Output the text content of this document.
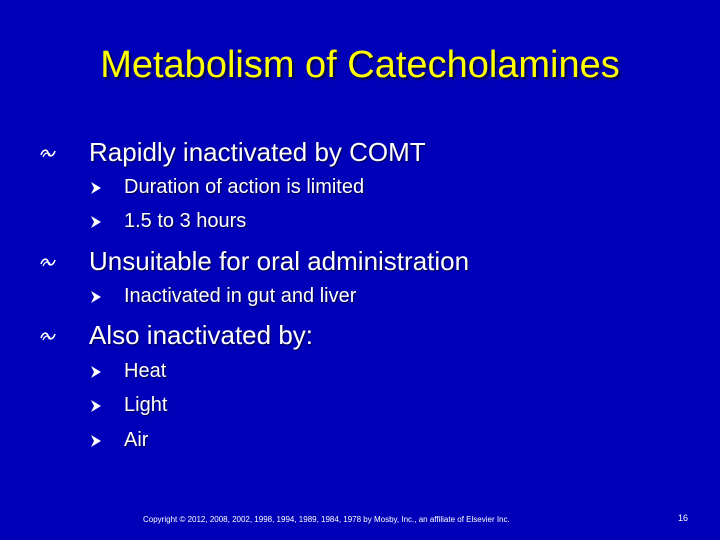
Metabolism of Catecholamines
Rapidly inactivated by COMT
Duration of action is limited
1.5 to 3 hours
Unsuitable for oral administration
Inactivated in gut and liver
Also inactivated by:
Heat
Light
Air
Copyright © 2012, 2008, 2002, 1998, 1994, 1989, 1984, 1978 by Mosby, Inc., an affiliate of Elsevier Inc.	16
